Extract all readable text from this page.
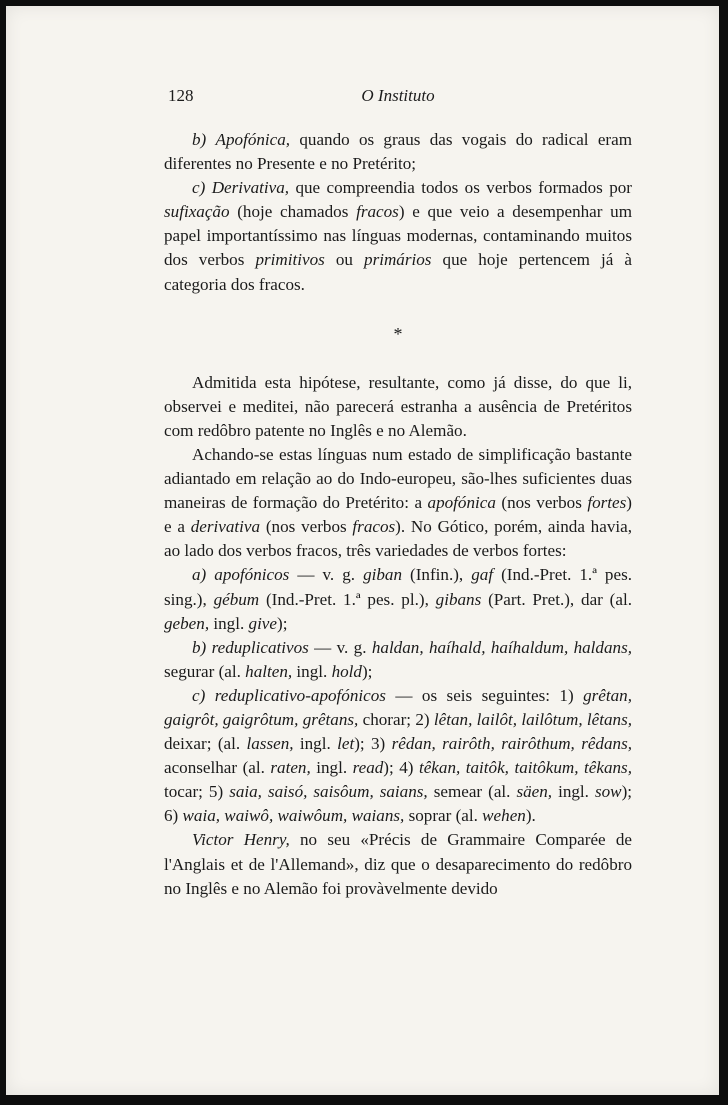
128	O Instituto

b) Apofónica, quando os graus das vogais do radical eram diferentes no Presente e no Pretérito;

c) Derivativa, que compreendia todos os verbos formados por sufixação (hoje chamados fracos) e que veio a desempenhar um papel importantíssimo nas línguas modernas, contaminando muitos dos verbos primitivos ou primários que hoje pertencem já à categoria dos fracos.

*

Admitida esta hipótese, resultante, como já disse, do que li, observei e meditei, não parecerá estranha a ausência de Pretéritos com redôbro patente no Inglês e no Alemão.

Achando-se estas línguas num estado de simplificação bastante adiantado em relação ao do Indo-europeu, são-lhes suficientes duas maneiras de formação do Pretérito: a apofónica (nos verbos fortes) e a derivativa (nos verbos fracos). No Gótico, porém, ainda havia, ao lado dos verbos fracos, três variedades de verbos fortes:

a) apofónicos — v. g. giban (Infin.), gaf (Ind.-Pret. 1.ª pes. sing.), gébum (Ind.-Pret. 1.ª pes. pl.), gibans (Part. Pret.), dar (al. geben, ingl. give);

b) reduplicativos — v. g. haldan, haíhald, haíhaldum, haldans, segurar (al. halten, ingl. hold);

c) reduplicativo-apofónicos — os seis seguintes: 1) grêtan, gaigrôt, gaigrôtum, grêtans, chorar; 2) lêtan, lailôt, lailôtum, lêtans, deixar; (al. lassen, ingl. let); 3) rêdan, rairôth, rairôthum, rêdans, aconselhar (al. raten, ingl. read); 4) têkan, taitôk, taitôkum, têkans, tocar; 5) saia, saisó, saisôum, saians, semear (al. säen, ingl. sow); 6) waia, waiwô, waiwôum, waians, soprar (al. wehen).

Victor Henry, no seu «Précis de Grammaire Comparée de l'Anglais et de l'Allemand», diz que o desaparecimento do redôbro no Inglês e no Alemão foi provàvelmente devido
